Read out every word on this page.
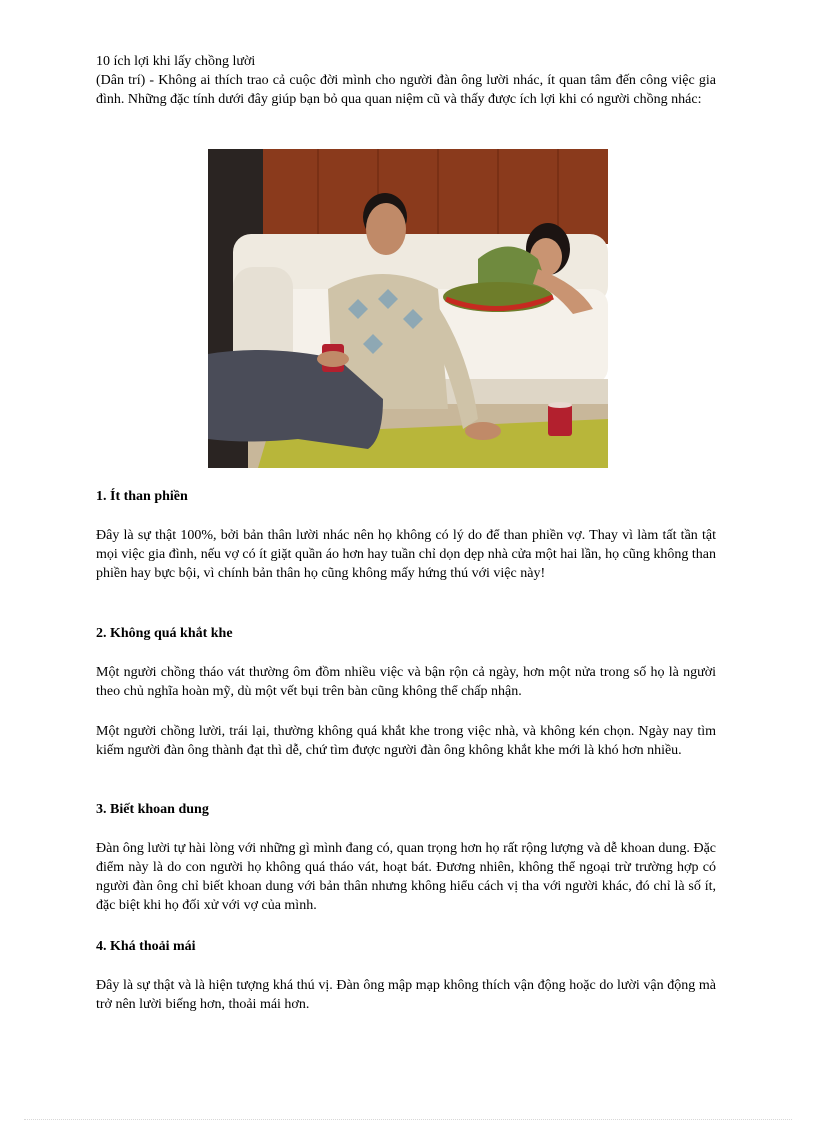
10 ích lợi khi lấy chồng lười
(Dân trí) - Không ai thích trao cả cuộc đời mình cho người đàn ông lười nhác, ít quan tâm đến công việc gia đình. Những đặc tính dưới đây giúp bạn bỏ qua quan niệm cũ và thấy được ích lợi khi có người chồng nhác:
1. Ít than phiền
Đây là sự thật 100%, bởi bản thân lười nhác nên họ không có lý do để than phiền vợ. Thay vì làm tất tần tật mọi việc gia đình, nếu vợ có ít giặt quần áo hơn hay tuần chỉ dọn dẹp nhà cửa một hai lần, họ cũng không than phiền hay bực bội, vì chính bản thân họ cũng không mấy hứng thú với việc này!
2. Không quá khắt khe
Một người chồng tháo vát thường ôm đồm nhiều việc và bận rộn cả ngày, hơn một nửa trong số họ là người theo chủ nghĩa hoàn mỹ, dù một vết bụi trên bàn cũng không thể chấp nhận.
Một người chồng lười, trái lại, thường không quá khắt khe trong việc nhà, và không kén chọn. Ngày nay tìm kiếm người đàn ông thành đạt thì dễ, chứ tìm được người đàn ông không khắt khe mới là khó hơn nhiều.
3. Biết khoan dung
Đàn ông lười tự hài lòng với những gì mình đang có, quan trọng hơn họ rất rộng lượng và dễ khoan dung. Đặc điểm này là do con người họ không quá tháo vát, hoạt bát. Đương nhiên, không thể ngoại trừ trường hợp có người đàn ông chỉ biết khoan dung với bản thân nhưng không hiểu cách vị tha với người khác, đó chỉ là số ít, đặc biệt khi họ đối xử với vợ của mình.
4. Khá thoải mái
Đây là sự thật và là hiện tượng khá thú vị. Đàn ông mập mạp không thích vận động hoặc do lười vận động mà trở nên lười biếng hơn, thoải mái hơn.
